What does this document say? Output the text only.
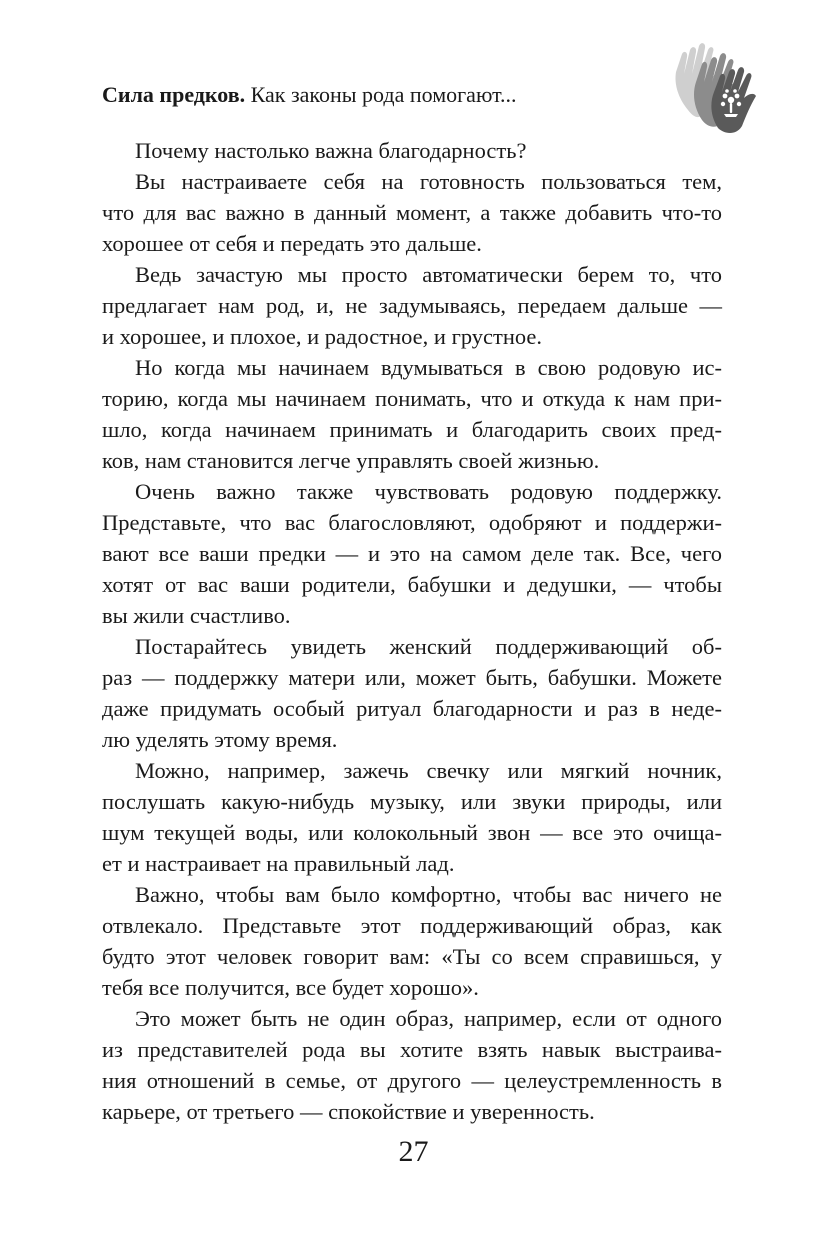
Сила предков. Как законы рода помогают...
Почему настолько важна благодарность?
Вы настраиваете себя на готовность пользоваться тем,
что для вас важно в данный момент, а также добавить что-то
хорошее от себя и передать это дальше.
Ведь зачастую мы просто автоматически берем то, что
предлагает нам род, и, не задумываясь, передаем дальше —
и хорошее, и плохое, и радостное, и грустное.
Но когда мы начинаем вдумываться в свою родовую ис-
торию, когда мы начинаем понимать, что и откуда к нам при-
шло, когда начинаем принимать и благодарить своих пред-
ков, нам становится легче управлять своей жизнью.
Очень важно также чувствовать родовую поддержку.
Представьте, что вас благословляют, одобряют и поддержи-
вают все ваши предки — и это на самом деле так. Все, чего
хотят от вас ваши родители, бабушки и дедушки, — чтобы
вы жили счастливо.
Постарайтесь увидеть женский поддерживающий об-
раз — поддержку матери или, может быть, бабушки. Можете
даже придумать особый ритуал благодарности и раз в неде-
лю уделять этому время.
Можно, например, зажечь свечку или мягкий ночник,
послушать какую-нибудь музыку, или звуки природы, или
шум текущей воды, или колокольный звон — все это очища-
ет и настраивает на правильный лад.
Важно, чтобы вам было комфортно, чтобы вас ничего не
отвлекало. Представьте этот поддерживающий образ, как
будто этот человек говорит вам: «Ты со всем справишься, у
тебя все получится, все будет хорошо».
Это может быть не один образ, например, если от одного
из представителей рода вы хотите взять навык выстраива-
ния отношений в семье, от другого — целеустремленность в
карьере, от третьего — спокойствие и уверенность.
27
